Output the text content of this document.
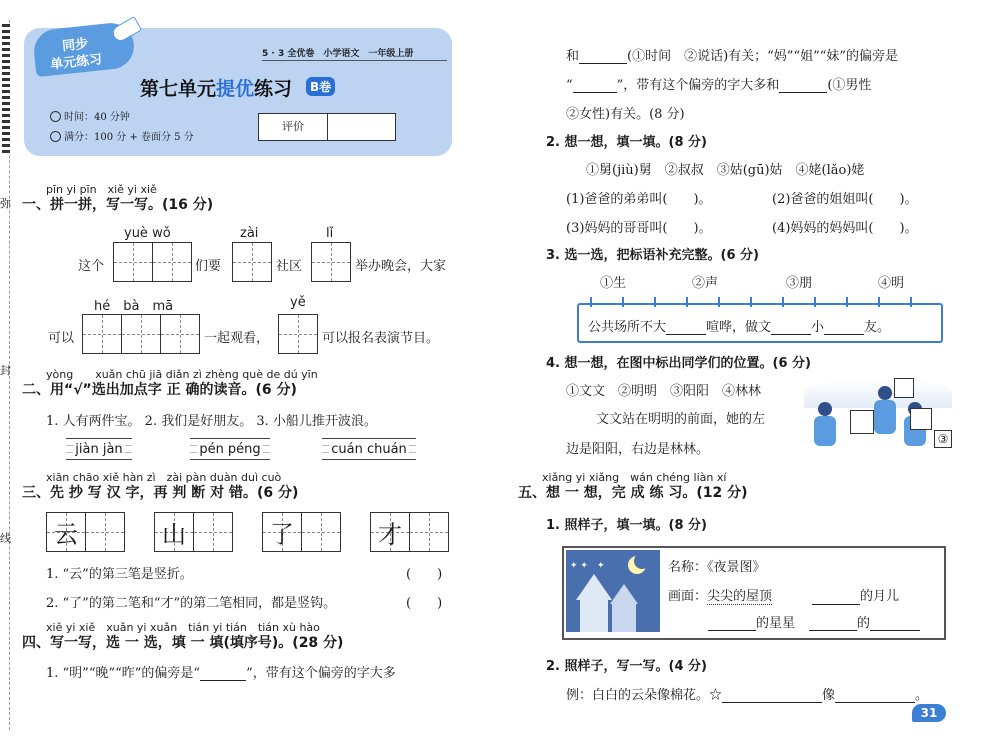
弥
封
线
同步
单元练习	5 · 3 全优卷　小学语文　一年级上册
第七单元提优练习	B卷
时间：40 分钟
满分：100 分 + 卷面分 5 分
评价
pīn yi pīn　xiě yi xiě
一、拼一拼，写一写。(16 分)
yuè wǒ	zài	lǐ
这个	们要	社区	举办晚会，大家
hé　bà　mā	yě
可以	一起观看，	可以报名表演节目。
yòng　　xuǎn chū jiā diǎn zì zhèng què de dú yīn
二、用“√”选出加点字 正 确的读音。(6 分)
1. 人有两件宝。 2. 我们是好朋友。 3. 小船儿推开波浪。
jiàn jàn	pén péng	cuán chuán
xiān chāo xiě hàn zì　zài pàn duàn duì cuò
三、先 抄 写 汉 字，再 判 断 对 错。(6 分)
云	山	了	才
1. “云”的第三笔是竖折。	(　　)
2. “了”的第二笔和“才”的第二笔相同，都是竖钩。	(　　)
xiě yi xiě　xuǎn yi xuǎn　tián yi tián　tián xù hào
四、写一写，选 一 选，填 一 填(填序号)。(28 分)
1. “明”“晚”“昨”的偏旁是“	”，带有这个偏旁的字大多
和	(①时间　②说话)有关；“妈”“姐”“妹”的偏旁是
“	”，带有这个偏旁的字大多和	(①男性
②女性)有关。(8 分)
2. 想一想，填一填。(8 分)
①舅(jiù)舅　②叔叔　③姑(gū)姑　④姥(lǎo)姥
(1)爸爸的弟弟叫(　　)。	(2)爸爸的姐姐叫(　　)。
(3)妈妈的哥哥叫(　　)。	(4)妈妈的妈妈叫(　　)。
3. 选一选，把标语补充完整。(6 分)
①生	②声	③朋	④明
公共场所不大	喧哗，做文	小	友。
4. 想一想，在图中标出同学们的位置。(6 分)
①文文　②明明　③阳阳　④林林
文文站在明明的前面，她的左
边是阳阳，右边是林林。
③
xiǎng yi xiǎng　wán chéng liàn xí
五、想 一 想，完 成 练 习。(12 分)
1. 照样子，填一填。(8 分)
✦ ✦　✦	名称：《夜景图》
画面：尖尖的屋顶	的月儿
的星星	的
2. 照样子，写一写。(4 分)
例：白白的云朵像棉花。☆	像	。
31
